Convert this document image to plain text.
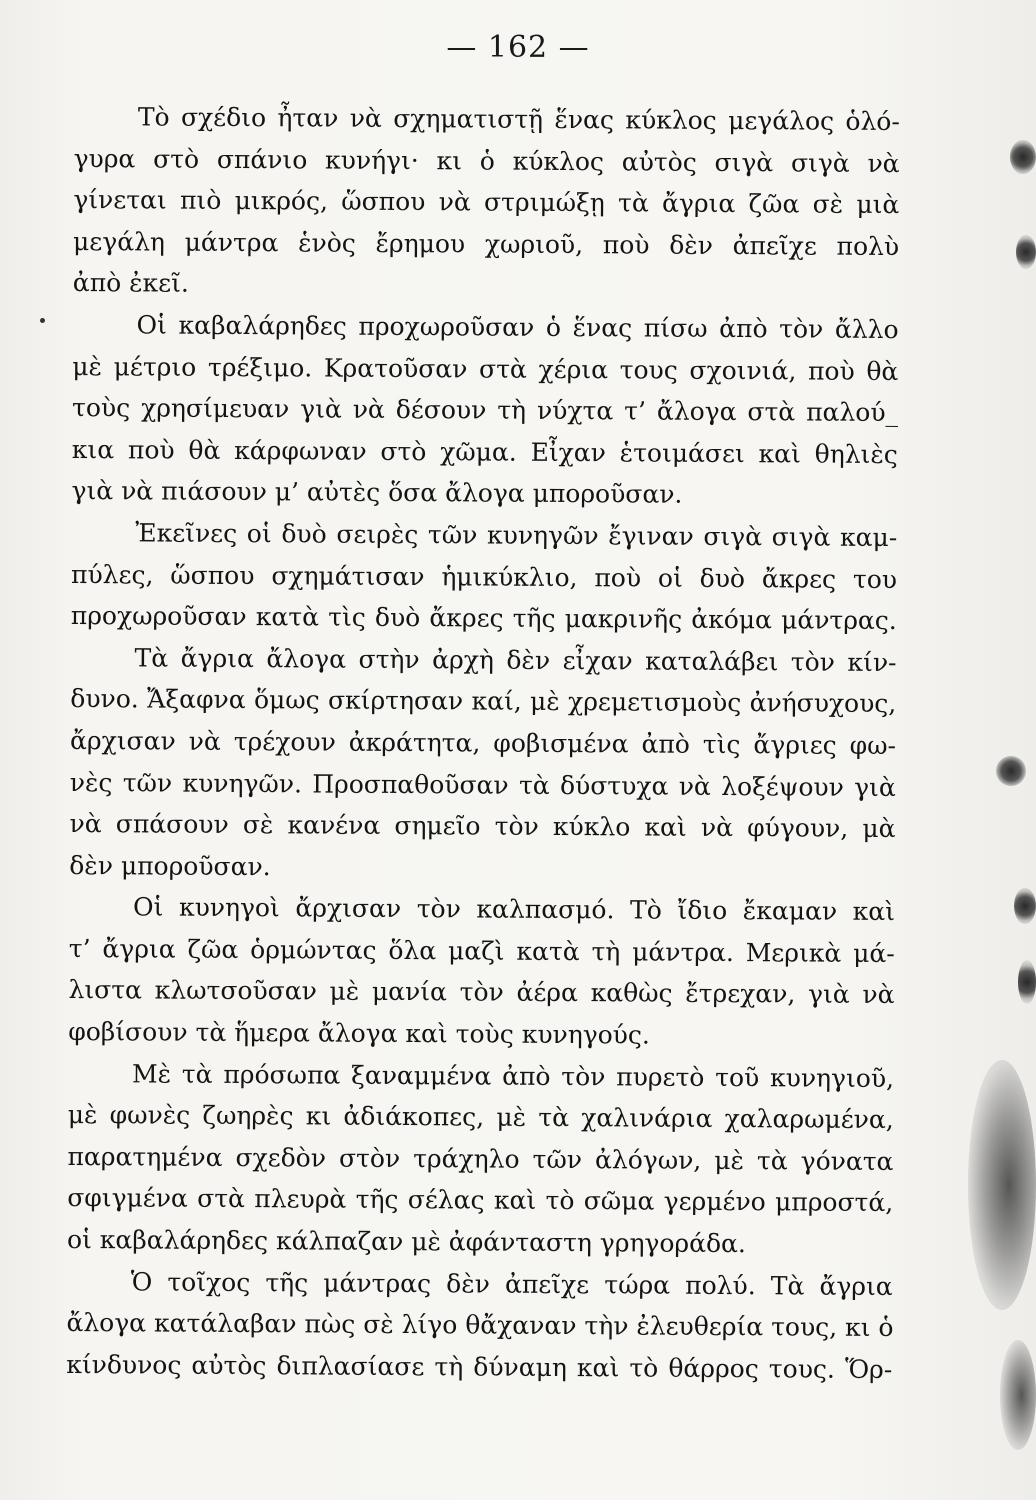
— 162 —
Τὸ σχέδιο ἦταν νὰ σχηματιστῇ ἕνας κύκλος μεγάλος ὁλό-
γυρα στὸ σπάνιο κυνήγι· κι ὁ κύκλος αὐτὸς σιγὰ σιγὰ νὰ
γίνεται πιὸ μικρός, ὥσπου νὰ στριμώξῃ τὰ ἄγρια ζῶα σὲ μιὰ
μεγάλη μάντρα ἑνὸς ἔρημου χωριοῦ, ποὺ δὲν ἀπεῖχε πολὺ
ἀπὸ ἐκεῖ.
Οἱ καβαλάρηδες προχωροῦσαν ὁ ἕνας πίσω ἀπὸ τὸν ἄλλο
μὲ μέτριο τρέξιμο. Κρατοῦσαν στὰ χέρια τους σχοινιά, ποὺ θὰ
τοὺς χρησίμευαν γιὰ νὰ δέσουν τὴ νύχτα τ’ ἄλογα στὰ παλού_
κια ποὺ θὰ κάρφωναν στὸ χῶμα. Εἶχαν ἑτοιμάσει καὶ θηλιὲς
γιὰ νὰ πιάσουν μ’ αὐτὲς ὅσα ἄλογα μποροῦσαν.
Ἐκεῖνες οἱ δυὸ σειρὲς τῶν κυνηγῶν ἔγιναν σιγὰ σιγὰ καμ-
πύλες, ὥσπου σχημάτισαν ἡμικύκλιο, ποὺ οἱ δυὸ ἄκρες του
προχωροῦσαν κατὰ τὶς δυὸ ἄκρες τῆς μακρινῆς ἀκόμα μάντρας.
Τὰ ἄγρια ἄλογα στὴν ἀρχὴ δὲν εἶχαν καταλάβει τὸν κίν-
δυνο. Ἄξαφνα ὅμως σκίρτησαν καί, μὲ χρεμετισμοὺς ἀνήσυχους,
ἄρχισαν νὰ τρέχουν ἀκράτητα, φοβισμένα ἀπὸ τὶς ἄγριες φω-
νὲς τῶν κυνηγῶν. Προσπαθοῦσαν τὰ δύστυχα νὰ λοξέψουν γιὰ
νὰ σπάσουν σὲ κανένα σημεῖο τὸν κύκλο καὶ νὰ φύγουν, μὰ
δὲν μποροῦσαν.
Οἱ κυνηγοὶ ἄρχισαν τὸν καλπασμό. Τὸ ἴδιο ἔκαμαν καὶ
τ’ ἄγρια ζῶα ὁρμώντας ὅλα μαζὶ κατὰ τὴ μάντρα. Μερικὰ μά-
λιστα κλωτσοῦσαν μὲ μανία τὸν ἀέρα καθὼς ἔτρεχαν, γιὰ νὰ
φοβίσουν τὰ ἥμερα ἄλογα καὶ τοὺς κυνηγούς.
Μὲ τὰ πρόσωπα ξαναμμένα ἀπὸ τὸν πυρετὸ τοῦ κυνηγιοῦ,
μὲ φωνὲς ζωηρὲς κι ἀδιάκοπες, μὲ τὰ χαλινάρια χαλαρωμένα,
παρατημένα σχεδὸν στὸν τράχηλο τῶν ἀλόγων, μὲ τὰ γόνατα
σφιγμένα στὰ πλευρὰ τῆς σέλας καὶ τὸ σῶμα γερμένο μπροστά,
οἱ καβαλάρηδες κάλπαζαν μὲ ἀφάνταστη γρηγοράδα.
Ὁ τοῖχος τῆς μάντρας δὲν ἀπεῖχε τώρα πολύ. Τὰ ἄγρια
ἄλογα κατάλαβαν πὼς σὲ λίγο θἄχαναν τὴν ἐλευθερία τους, κι ὁ
κίνδυνος αὐτὸς διπλασίασε τὴ δύναμη καὶ τὸ θάρρος τους. Ὅρ-
